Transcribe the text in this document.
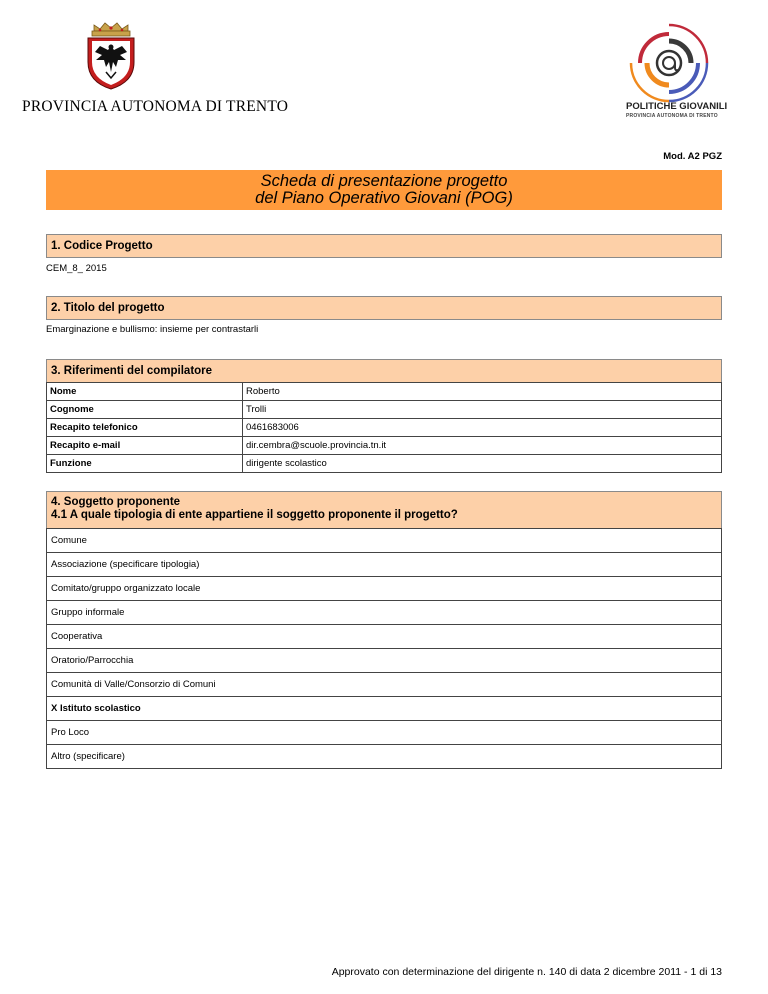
PROVINCIA AUTONOMA DI TRENTO	POLITICHE GIOVANILI
PROVINCIA AUTONOMA DI TRENTO
Mod. A2 PGZ
Scheda di presentazione progetto
del Piano Operativo Giovani (POG)
1. Codice Progetto
CEM_8_ 2015
2. Titolo del progetto
Emarginazione e bullismo: insieme per contrastarli
3. Riferimenti del compilatore
Nome	Roberto
Cognome	Trolli
Recapito telefonico	0461683006
Recapito e-mail	dir.cembra@scuole.provincia.tn.it
Funzione	dirigente scolastico
4. Soggetto proponente
4.1 A quale tipologia di ente appartiene il soggetto proponente il progetto?
Comune
Associazione (specificare tipologia)
Comitato/gruppo organizzato locale
Gruppo informale
Cooperativa
Oratorio/Parrocchia
Comunità di Valle/Consorzio di Comuni
X Istituto scolastico
Pro Loco
Altro (specificare)
Approvato con determinazione del dirigente n. 140 di data 2 dicembre 2011 - 1 di 13
